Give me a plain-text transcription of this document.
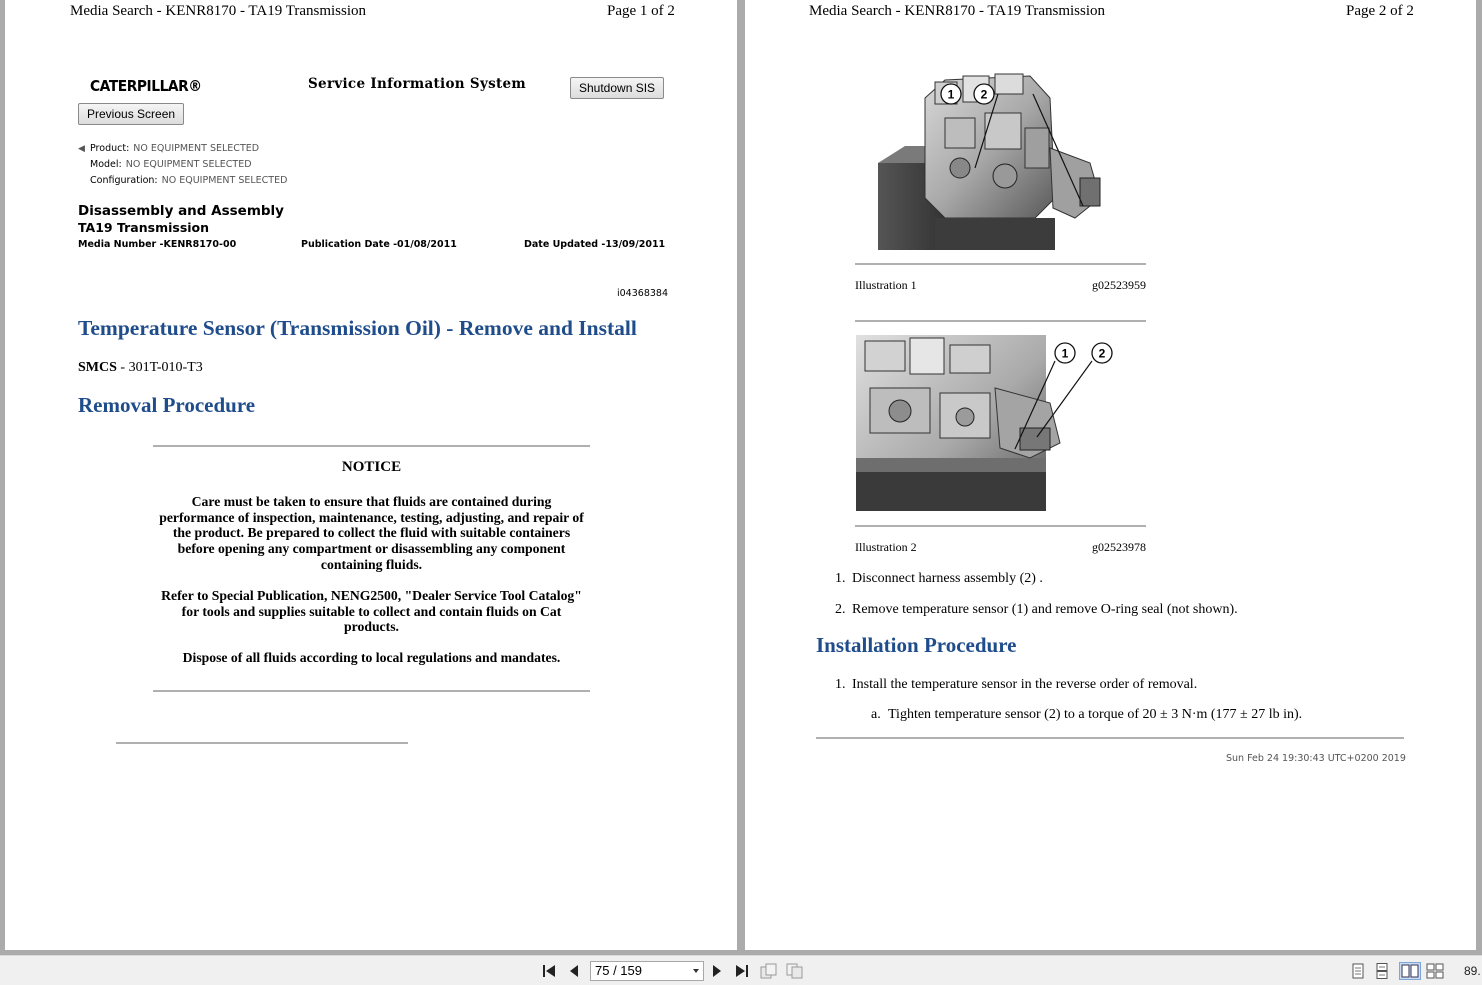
Media Search - KENR8170 - TA19 Transmission	Page 1 of 2
CATERPILLAR®	Service Information System	Shutdown SIS
Previous Screen
◀ Product: NO EQUIPMENT SELECTED
Model: NO EQUIPMENT SELECTED
Configuration: NO EQUIPMENT SELECTED
Disassembly and Assembly
TA19 Transmission
Media Number -KENR8170-00	Publication Date -01/08/2011	Date Updated -13/09/2011
i04368384
Temperature Sensor (Transmission Oil) - Remove and Install
SMCS - 301T-010-T3
Removal Procedure
NOTICE
Care must be taken to ensure that fluids are contained during performance of inspection, maintenance, testing, adjusting, and repair of the product. Be prepared to collect the fluid with suitable containers before opening any compartment or disassembling any component containing fluids.
Refer to Special Publication, NENG2500, "Dealer Service Tool Catalog" for tools and supplies suitable to collect and contain fluids on Cat products.
Dispose of all fluids according to local regulations and mandates.
Media Search - KENR8170 - TA19 Transmission	Page 2 of 2
1 2
Illustration 1	g02523959
1	2
Illustration 2	g02523978
1. Disconnect harness assembly (2) .
2. Remove temperature sensor (1) and remove O-ring seal (not shown).
Installation Procedure
1. Install the temperature sensor in the reverse order of removal.
a. Tighten temperature sensor (2) to a torque of 20 ± 3 N·m (177 ± 27 lb in).
Sun Feb 24 19:30:43 UTC+0200 2019
75 / 159	89.
